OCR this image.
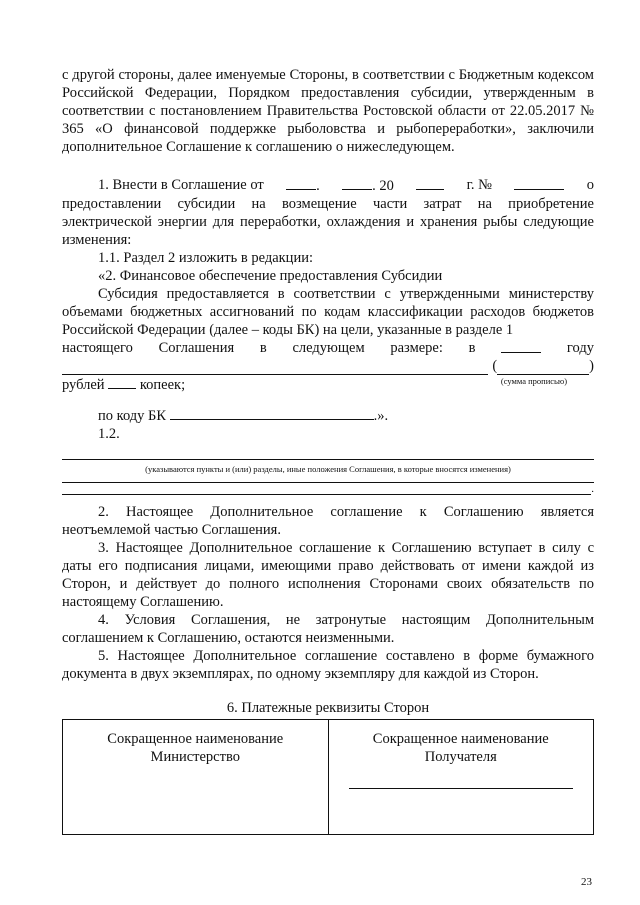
с другой стороны, далее именуемые Стороны, в соответствии с Бюджетным кодексом Российской Федерации, Порядком предоставления субсидии, утвержденным в соответствии с постановлением Правительства Ростовской области от 22.05.2017 № 365 «О финансовой поддержке рыболовства и рыбопереработки», заключили дополнительное Соглашение к соглашению о нижеследующем.

1. Внести в Соглашение от	.	. 20	г. №	о

предоставлении субсидии на возмещение части затрат на приобретение электрической энергии для переработки, охлаждения и хранения рыбы следующие изменения:

1.1. Раздел 2 изложить в редакции:

«2. Финансовое обеспечение предоставления Субсидии

Субсидия предоставляется в соответствии с утвержденными министерству объемами бюджетных ассигнований по кодам классификации расходов бюджетов Российской Федерации (далее – коды БК) на цели, указанные в разделе 1

настоящего Соглашения в следующем размере: в	году
(	)
рублей копеек;	(сумма прописью)
по коду БК	.».

1.2.

(указываются пункты и (или) разделы, иные положения Соглашения, в которые вносятся изменения)
.

2. Настоящее Дополнительное соглашение к Соглашению является неотъемлемой частью Соглашения.

3. Настоящее Дополнительное соглашение к Соглашению вступает в силу с даты его подписания лицами, имеющими право действовать от имени каждой из Сторон, и действует до полного исполнения Сторонами своих обязательств по настоящему Соглашению.

4. Условия Соглашения, не затронутые настоящим Дополнительным соглашением к Соглашению, остаются неизменными.

5. Настоящее Дополнительное соглашение составлено в форме бумажного документа в двух экземплярах, по одному экземпляру для каждой из Сторон.

6. Платежные реквизиты Сторон

Сокращенное наименование
Министерство

Сокращенное наименование
Получателя
23
